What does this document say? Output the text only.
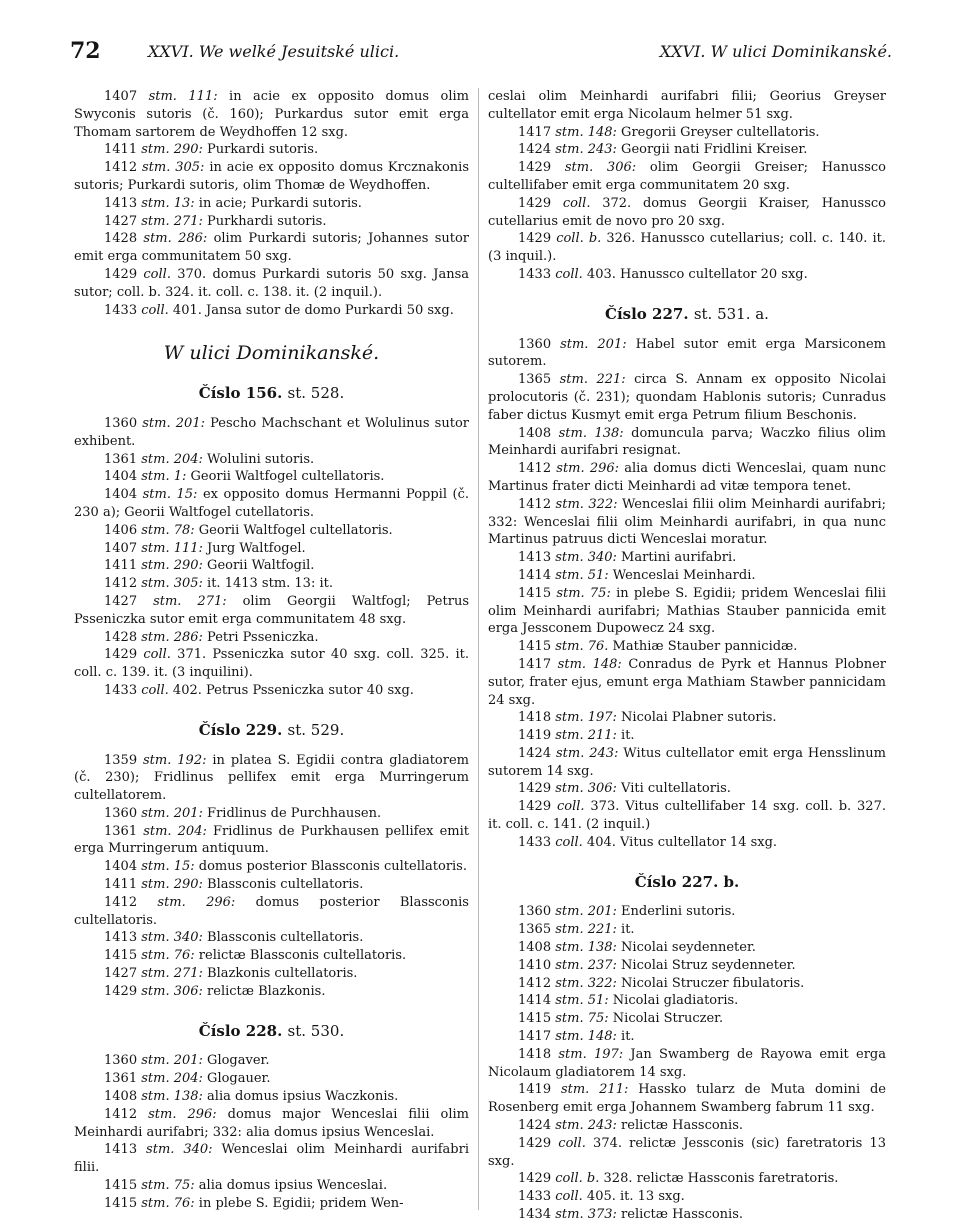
72	XXVI. We welké Jesuitské ulici.	XXVI. W ulici Dominikanské.

1407 stm. 111: in acie ex opposito domus olim Swyconis sutoris (č. 160); Purkardus sutor emit erga Thomam sartorem de Weydhoffen 12 sxg.

1411 stm. 290: Purkardi sutoris.

1412 stm. 305: in acie ex opposito domus Krcznakonis sutoris; Purkardi sutoris, olim Thomæ de Weydhoffen.

1413 stm. 13: in acie; Purkardi sutoris.

1427 stm. 271: Purkhardi sutoris.

1428 stm. 286: olim Purkardi sutoris; Johannes sutor emit erga communitatem 50 sxg.

1429 coll. 370. domus Purkardi sutoris 50 sxg. Jansa sutor; coll. b. 324. it. coll. c. 138. it. (2 inquil.).

1433 coll. 401. Jansa sutor de domo Purkardi 50 sxg.

W ulici Dominikanské.
Číslo 156. st. 528.

1360 stm. 201: Pescho Machschant et Wolulinus sutor exhibent.

1361 stm. 204: Wolulini sutoris.

1404 stm. 1: Georii Waltfogel cultellatoris.

1404 stm. 15: ex opposito domus Hermanni Poppil (č. 230 a); Georii Waltfogel cutellatoris.

1406 stm. 78: Georii Waltfogel cultellatoris.

1407 stm. 111: Jurg Waltfogel.

1411 stm. 290: Georii Waltfogil.

1412 stm. 305: it. 1413 stm. 13: it.

1427 stm. 271: olim Georgii Waltfogl; Petrus Psseniczka sutor emit erga communitatem 48 sxg.

1428 stm. 286: Petri Psseniczka.

1429 coll. 371. Psseniczka sutor 40 sxg. coll. 325. it. coll. c. 139. it. (3 inquilini).

1433 coll. 402. Petrus Psseniczka sutor 40 sxg.

Číslo 229. st. 529.

1359 stm. 192: in platea S. Egidii contra gladiatorem (č. 230); Fridlinus pellifex emit erga Murringerum cultellatorem.

1360 stm. 201: Fridlinus de Purchhausen.

1361 stm. 204: Fridlinus de Purkhausen pellifex emit erga Murringerum antiquum.

1404 stm. 15: domus posterior Blassconis cultellatoris.

1411 stm. 290: Blassconis cultellatoris.

1412 stm. 296: domus posterior Blassconis cultellatoris.

1413 stm. 340: Blassconis cultellatoris.

1415 stm. 76: relictæ Blassconis cultellatoris.

1427 stm. 271: Blazkonis cultellatoris.

1429 stm. 306: relictæ Blazkonis.

Číslo 228. st. 530.

1360 stm. 201: Glogaver.

1361 stm. 204: Glogauer.

1408 stm. 138: alia domus ipsius Waczkonis.

1412 stm. 296: domus major Wenceslai filii olim Meinhardi aurifabri; 332: alia domus ipsius Wenceslai.

1413 stm. 340: Wenceslai olim Meinhardi aurifabri filii.

1415 stm. 75: alia domus ipsius Wenceslai.

1415 stm. 76: in plebe S. Egidii; pridem Wen-

ceslai olim Meinhardi aurifabri filii; Georius Greyser cultellator emit erga Nicolaum helmer 51 sxg.

1417 stm. 148: Gregorii Greyser cultellatoris.

1424 stm. 243: Georgii nati Fridlini Kreiser.

1429 stm. 306: olim Georgii Greiser; Hanussco cultellifaber emit erga communitatem 20 sxg.

1429 coll. 372. domus Georgii Kraiser, Hanussco cutellarius emit de novo pro 20 sxg.

1429 coll. b. 326. Hanussco cutellarius; coll. c. 140. it. (3 inquil.).

1433 coll. 403. Hanussco cultellator 20 sxg.

Číslo 227. st. 531. a.

1360 stm. 201: Habel sutor emit erga Marsiconem sutorem.

1365 stm. 221: circa S. Annam ex opposito Nicolai prolocutoris (č. 231); quondam Hablonis sutoris; Cunradus faber dictus Kusmyt emit erga Petrum filium Beschonis.

1408 stm. 138: domuncula parva; Waczko filius olim Meinhardi aurifabri resignat.

1412 stm. 296: alia domus dicti Wenceslai, quam nunc Martinus frater dicti Meinhardi ad vitæ tempora tenet.

1412 stm. 322: Wenceslai filii olim Meinhardi aurifabri; 332: Wenceslai filii olim Meinhardi aurifabri, in qua nunc Martinus patruus dicti Wenceslai moratur.

1413 stm. 340: Martini aurifabri.

1414 stm. 51: Wenceslai Meinhardi.

1415 stm. 75: in plebe S. Egidii; pridem Wenceslai filii olim Meinhardi aurifabri; Mathias Stauber pannicida emit erga Jessconem Dupowecz 24 sxg.

1415 stm. 76. Mathiæ Stauber pannicidæ.

1417 stm. 148: Conradus de Pyrk et Hannus Plobner sutor, frater ejus, emunt erga Mathiam Stawber pannicidam 24 sxg.

1418 stm. 197: Nicolai Plabner sutoris.

1419 stm. 211: it.

1424 stm. 243: Witus cultellator emit erga Hensslinum sutorem 14 sxg.

1429 stm. 306: Viti cultellatoris.

1429 coll. 373. Vitus cultellifaber 14 sxg. coll. b. 327. it. coll. c. 141. (2 inquil.)

1433 coll. 404. Vitus cultellator 14 sxg.

Číslo 227. b.

1360 stm. 201: Enderlini sutoris.

1365 stm. 221: it.

1408 stm. 138: Nicolai seydenneter.

1410 stm. 237: Nicolai Struz seydenneter.

1412 stm. 322: Nicolai Struczer fibulatoris.

1414 stm. 51: Nicolai gladiatoris.

1415 stm. 75: Nicolai Struczer.

1417 stm. 148: it.

1418 stm. 197: Jan Swamberg de Rayowa emit erga Nicolaum gladiatorem 14 sxg.

1419 stm. 211: Hassko tularz de Muta domini de Rosenberg emit erga Johannem Swamberg fabrum 11 sxg.

1424 stm. 243: relictæ Hassconis.

1429 coll. 374. relictæ Jessconis (sic) faretratoris 13 sxg.

1429 coll. b. 328. relictæ Hassconis faretratoris.

1433 coll. 405. it. 13 sxg.

1434 stm. 373: relictæ Hassconis.
